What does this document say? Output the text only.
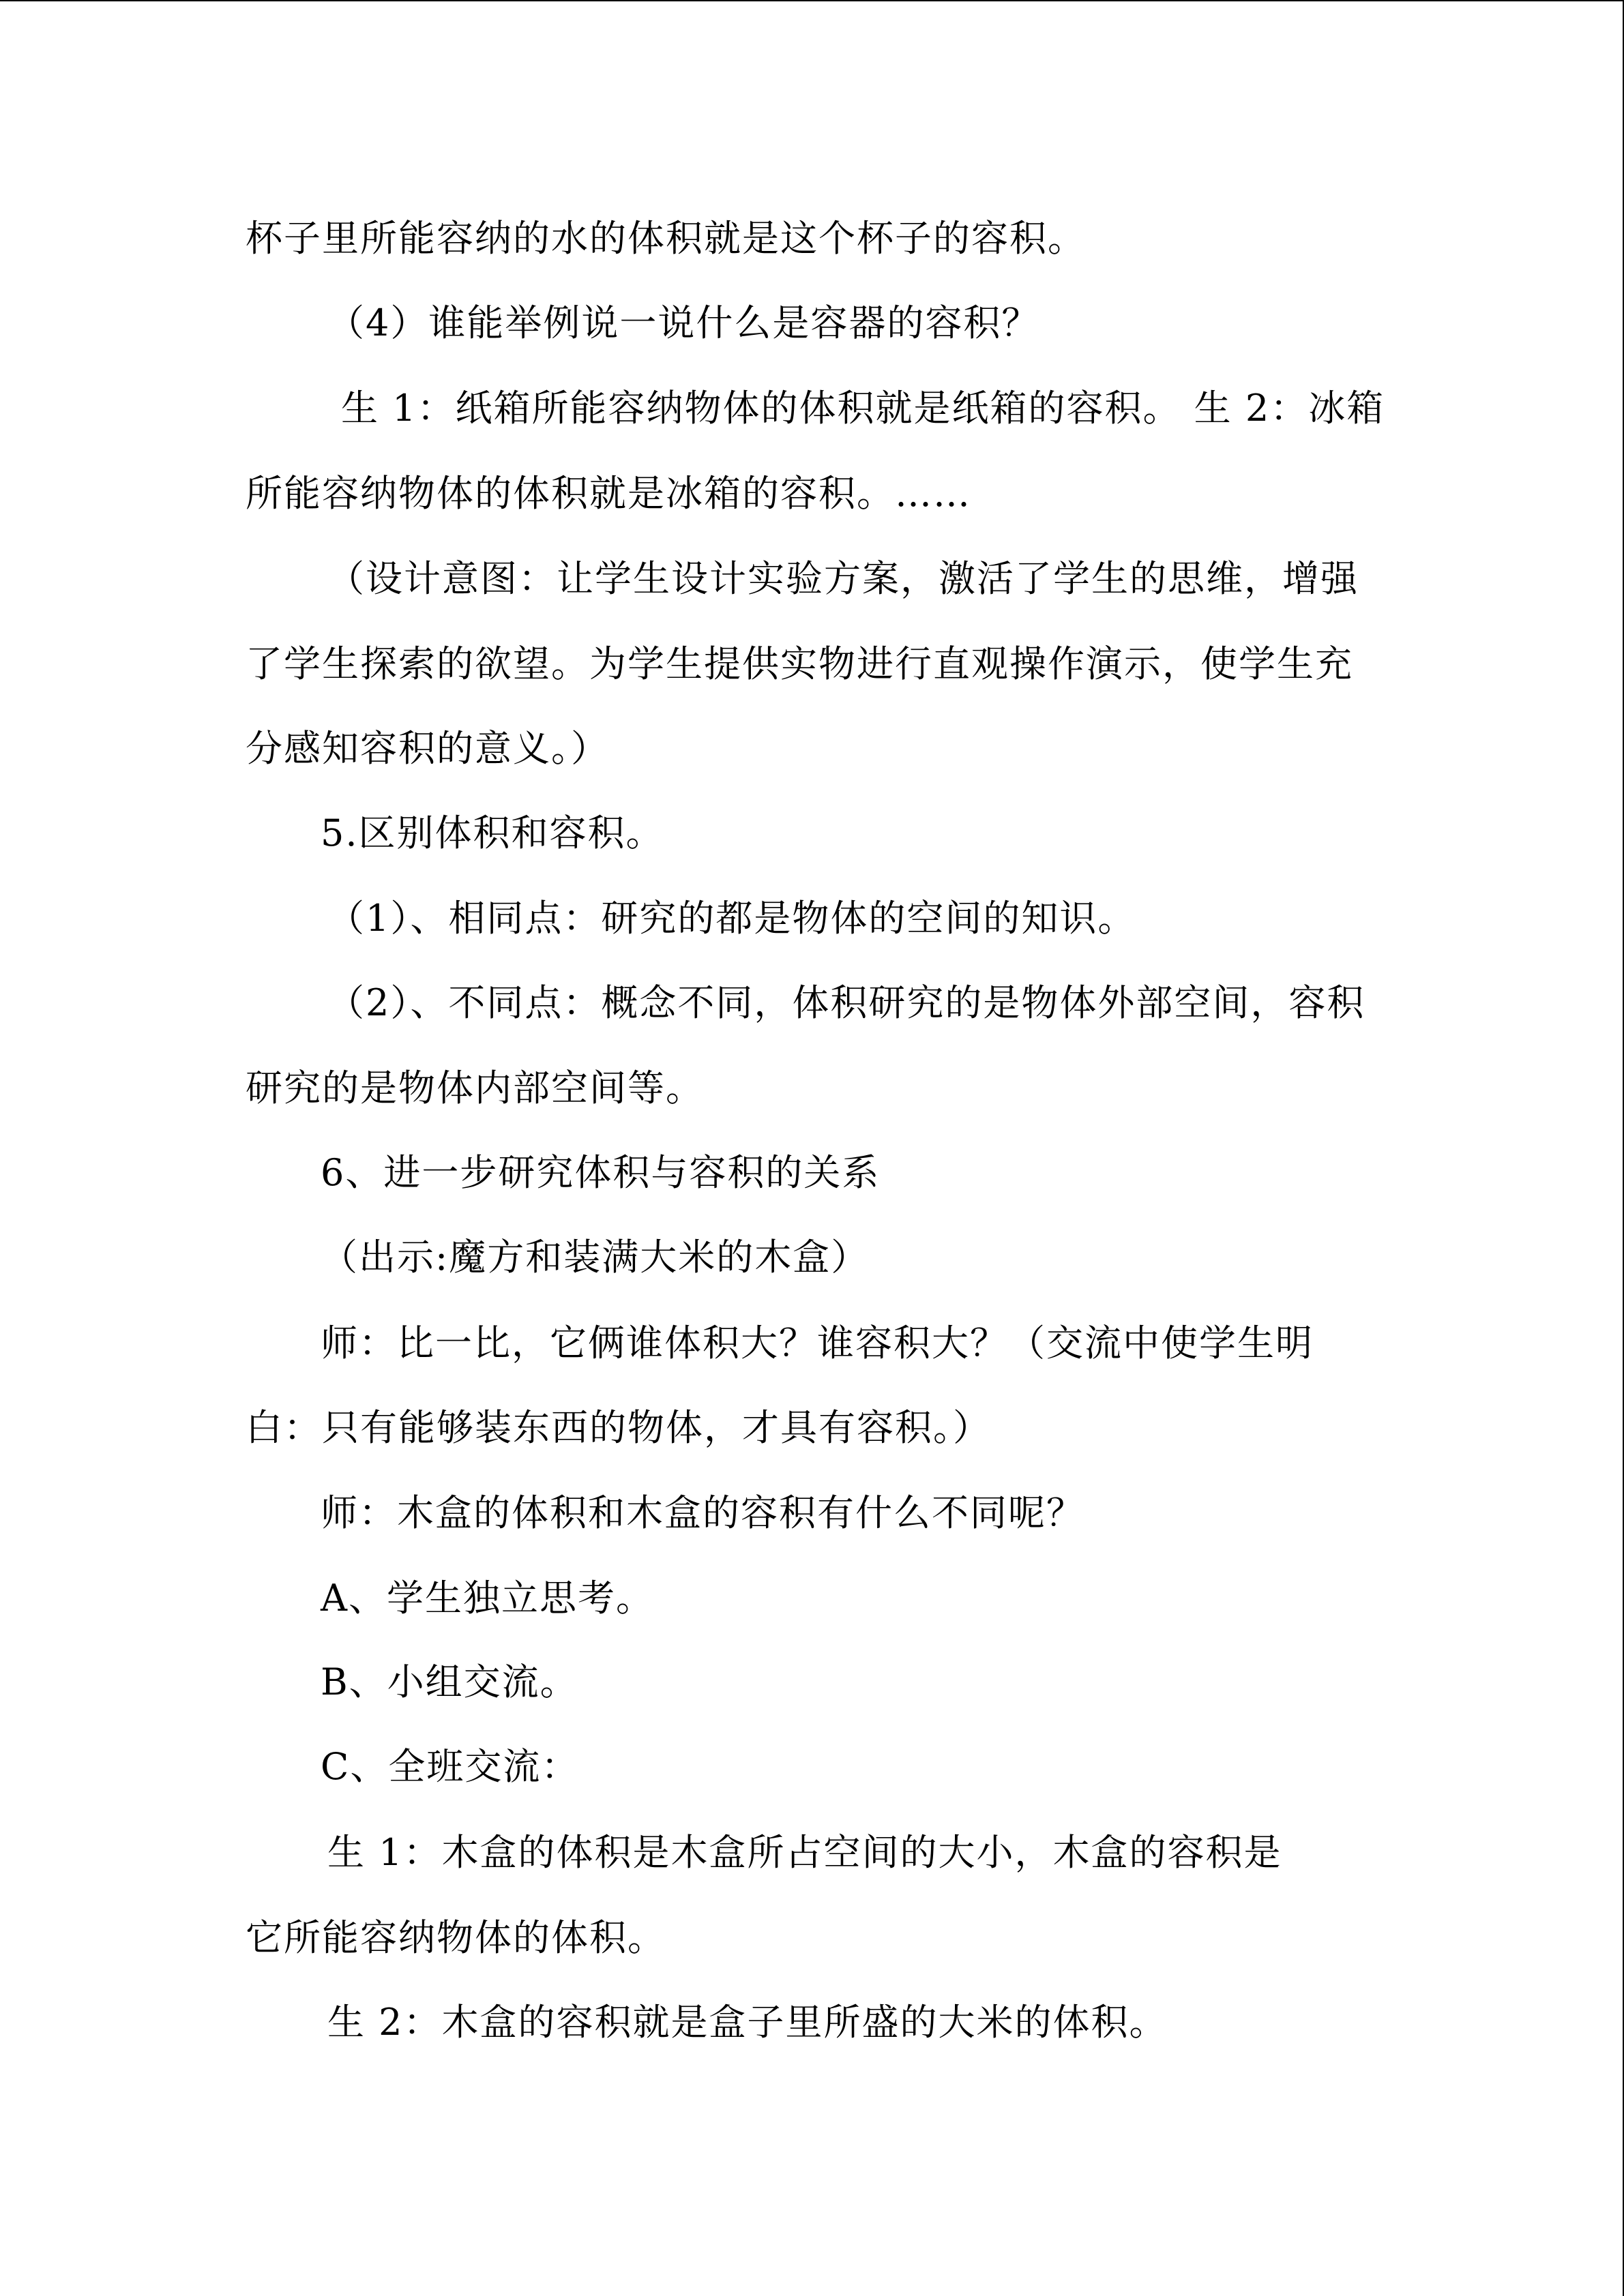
杯子里所能容纳的水的体积就是这个杯子的容积。
（4）谁能举例说一说什么是容器的容积？
生 1：纸箱所能容纳物体的体积就是纸箱的容积。 生 2：冰箱
所能容纳物体的体积就是冰箱的容积。……
（设计意图：让学生设计实验方案，激活了学生的思维，增强
了学生探索的欲望。为学生提供实物进行直观操作演示，使学生充
分感知容积的意义。）
5.区别体积和容积。
（1）、相同点：研究的都是物体的空间的知识。
（2）、不同点：概念不同，体积研究的是物体外部空间，容积
研究的是物体内部空间等。
6、进一步研究体积与容积的关系
（出示:魔方和装满大米的木盒）
师：比一比，它俩谁体积大？谁容积大？（交流中使学生明
白：只有能够装东西的物体，才具有容积。）
师：木盒的体积和木盒的容积有什么不同呢？
A、学生独立思考。
B、小组交流。
C、全班交流：
生 1：木盒的体积是木盒所占空间的大小，木盒的容积是
它所能容纳物体的体积。
生 2：木盒的容积就是盒子里所盛的大米的体积。
